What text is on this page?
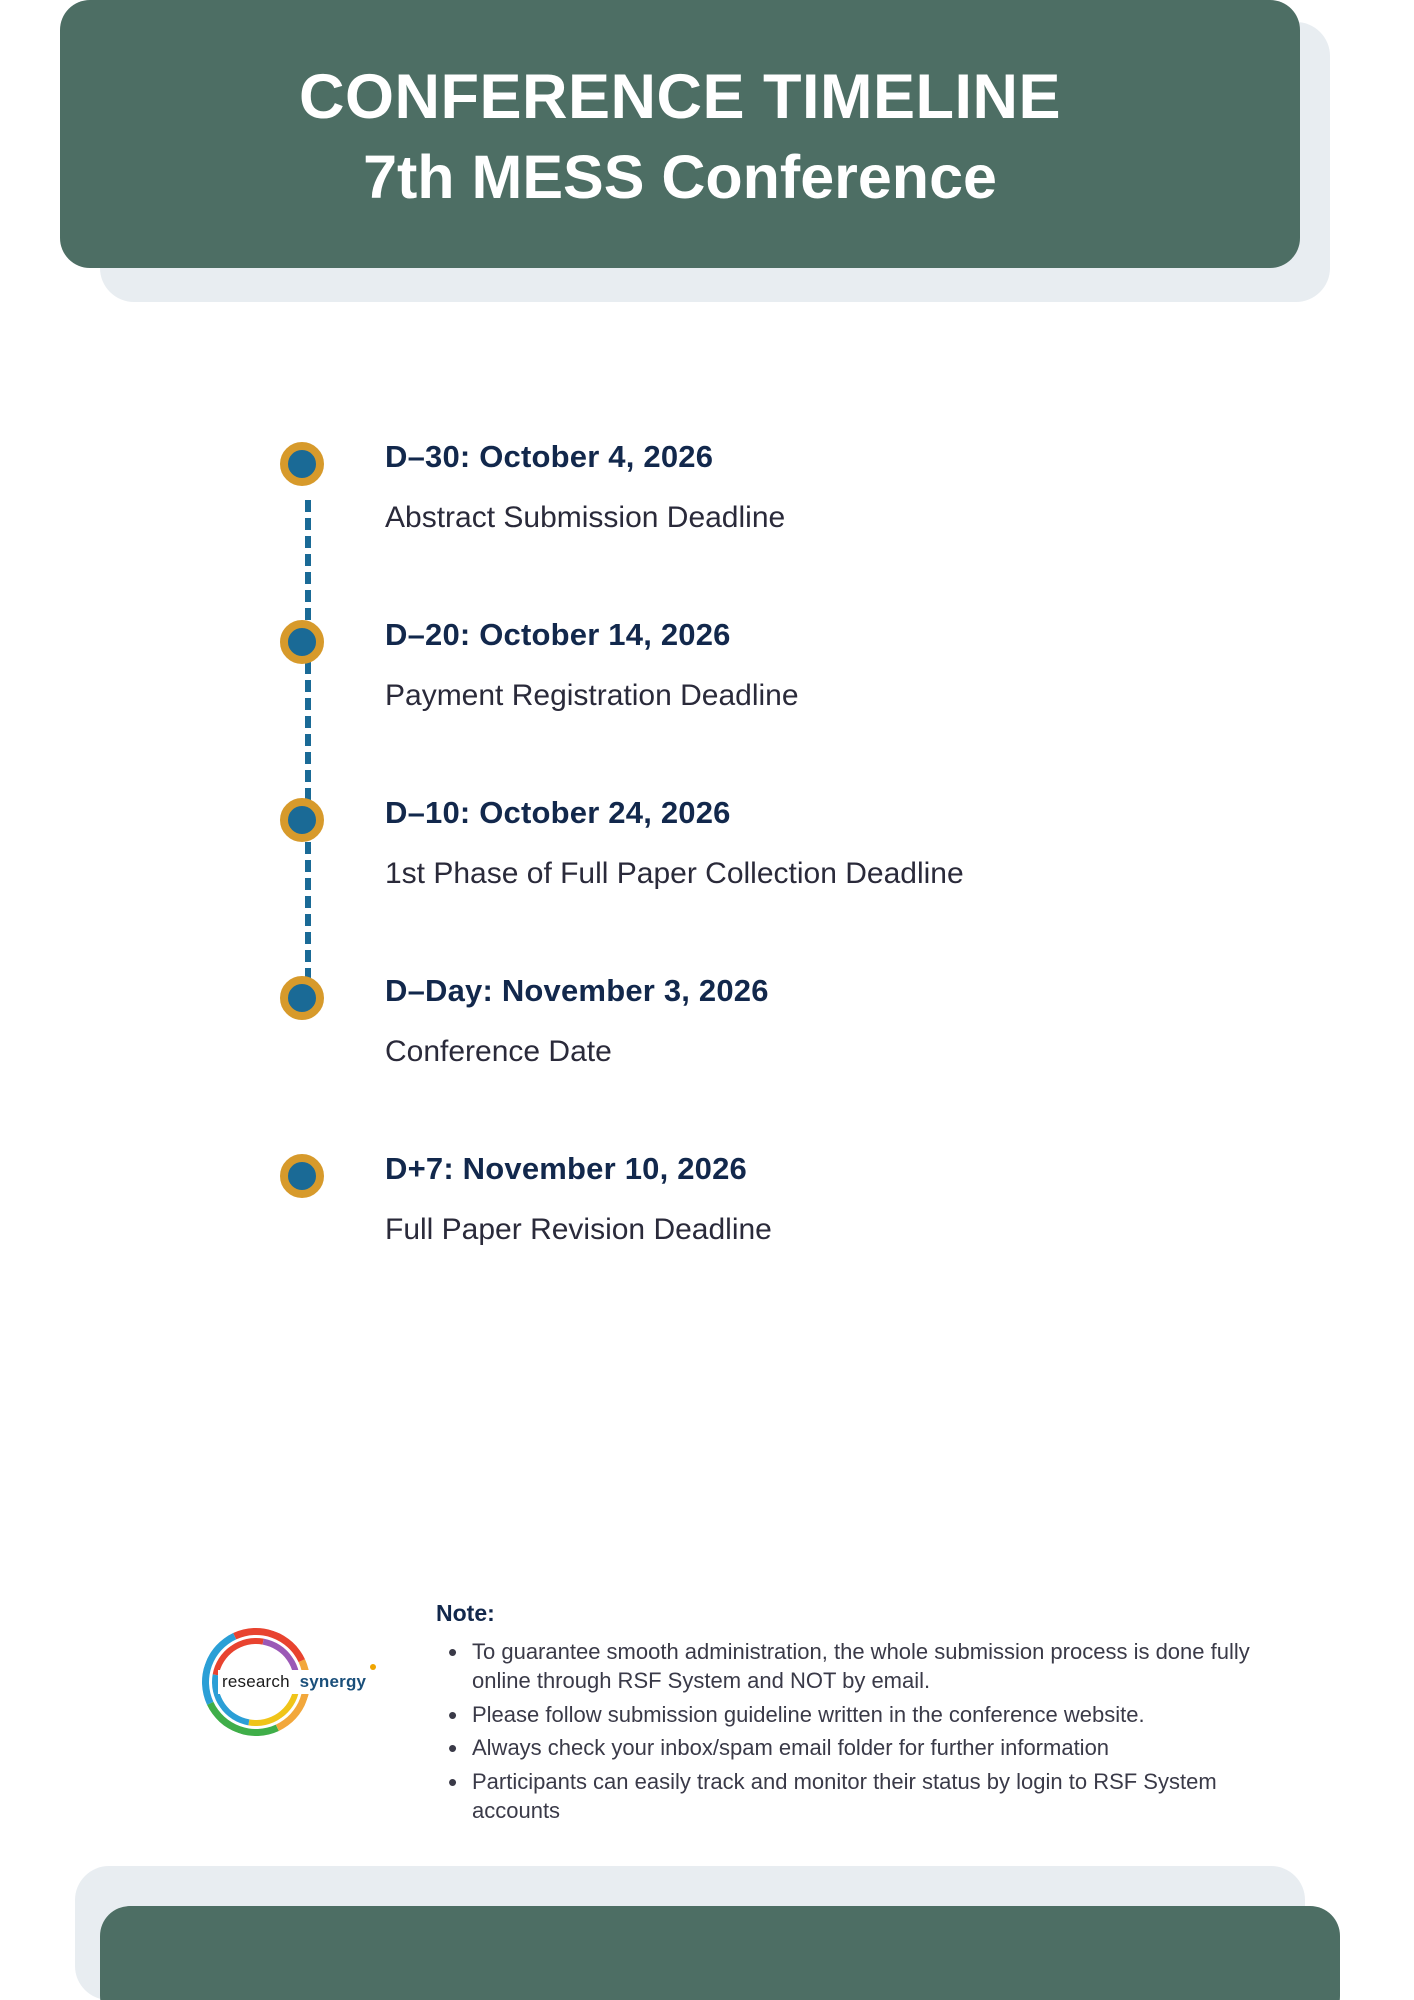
CONFERENCE TIMELINE
7th MESS Conference
D–30: October 4, 2026
Abstract Submission Deadline
D–20: October 14, 2026
Payment Registration Deadline
D–10: October 24, 2026
1st Phase of Full Paper Collection Deadline
D–Day: November 3, 2026
Conference Date
D+7: November 10, 2026
Full Paper Revision Deadline
research synergy
Note:
• To guarantee smooth administration, the whole submission process is done fully online through RSF System and NOT by email.
• Please follow submission guideline written in the conference website.
• Always check your inbox/spam email folder for further information
• Participants can easily track and monitor their status by login to RSF System accounts
